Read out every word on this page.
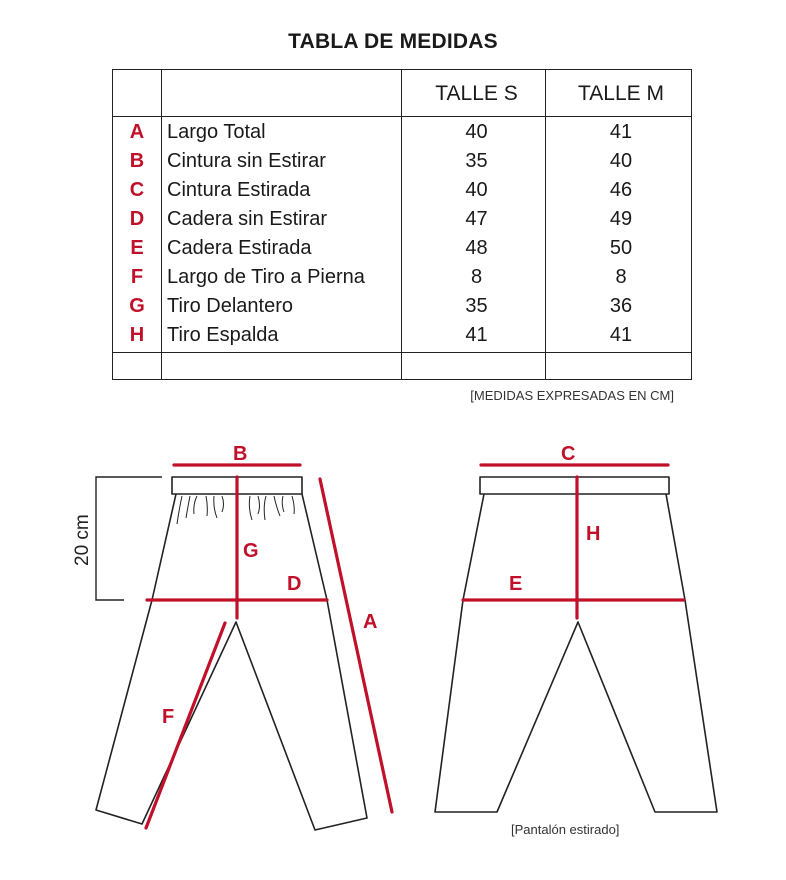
TABLA DE MEDIDAS
		TALLE S	TALLE M
A	Largo Total	40	41
B	Cintura sin Estirar	35	40
C	Cintura Estirada	40	46
D	Cadera sin Estirar	47	49
E	Cadera Estirada	48	50
F	Largo de Tiro a Pierna	8	8
G	Tiro Delantero	35	36
H	Tiro Espalda	41	41

[MEDIDAS EXPRESADAS EN CM]
20 cm
B
G
D
A
F
C
H
E
[Pantalón estirado]
